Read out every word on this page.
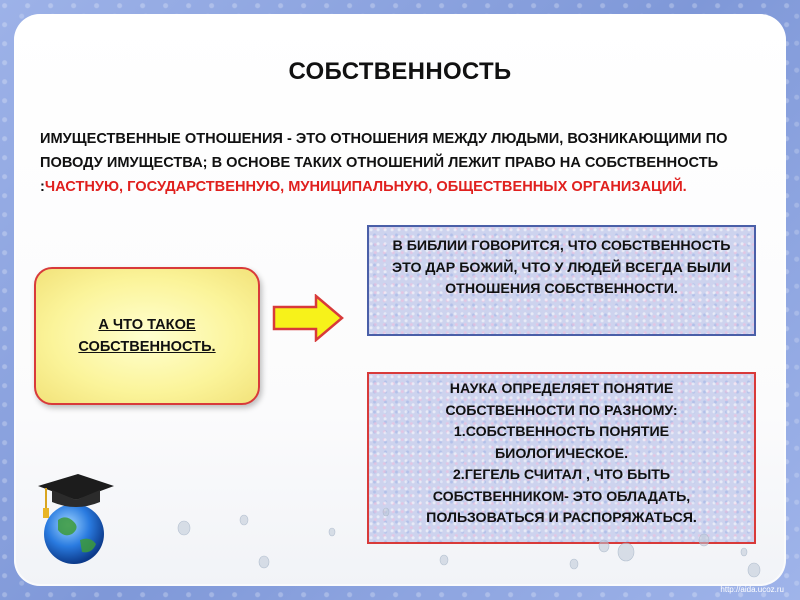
СОБСТВЕННОСТЬ
ИМУЩЕСТВЕННЫЕ ОТНОШЕНИЯ - ЭТО ОТНОШЕНИЯ МЕЖДУ ЛЮДЬМИ, ВОЗНИКАЮЩИМИ ПО ПОВОДУ ИМУЩЕСТВА; В ОСНОВЕ ТАКИХ ОТНОШЕНИЙ ЛЕЖИТ ПРАВО НА СОБСТВЕННОСТЬ :ЧАСТНУЮ, ГОСУДАРСТВЕННУЮ, МУНИЦИПАЛЬНУЮ, ОБЩЕСТВЕННЫХ ОРГАНИЗАЦИЙ.
А ЧТО ТАКОЕ СОБСТВЕННОСТЬ.
В БИБЛИИ ГОВОРИТСЯ, ЧТО СОБСТВЕННОСТЬ ЭТО ДАР БОЖИЙ, ЧТО У ЛЮДЕЙ ВСЕГДА БЫЛИ ОТНОШЕНИЯ СОБСТВЕННОСТИ.
НАУКА ОПРЕДЕЛЯЕТ ПОНЯТИЕ
СОБСТВЕННОСТИ ПО РАЗНОМУ:
1.СОБСТВЕННОСТЬ ПОНЯТИЕ
БИОЛОГИЧЕСКОЕ.
2.ГЕГЕЛЬ СЧИТАЛ , ЧТО БЫТЬ
СОБСТВЕННИКОМ- ЭТО ОБЛАДАТЬ,
ПОЛЬЗОВАТЬСЯ И РАСПОРЯЖАТЬСЯ.
http://aida.ucoz.ru
